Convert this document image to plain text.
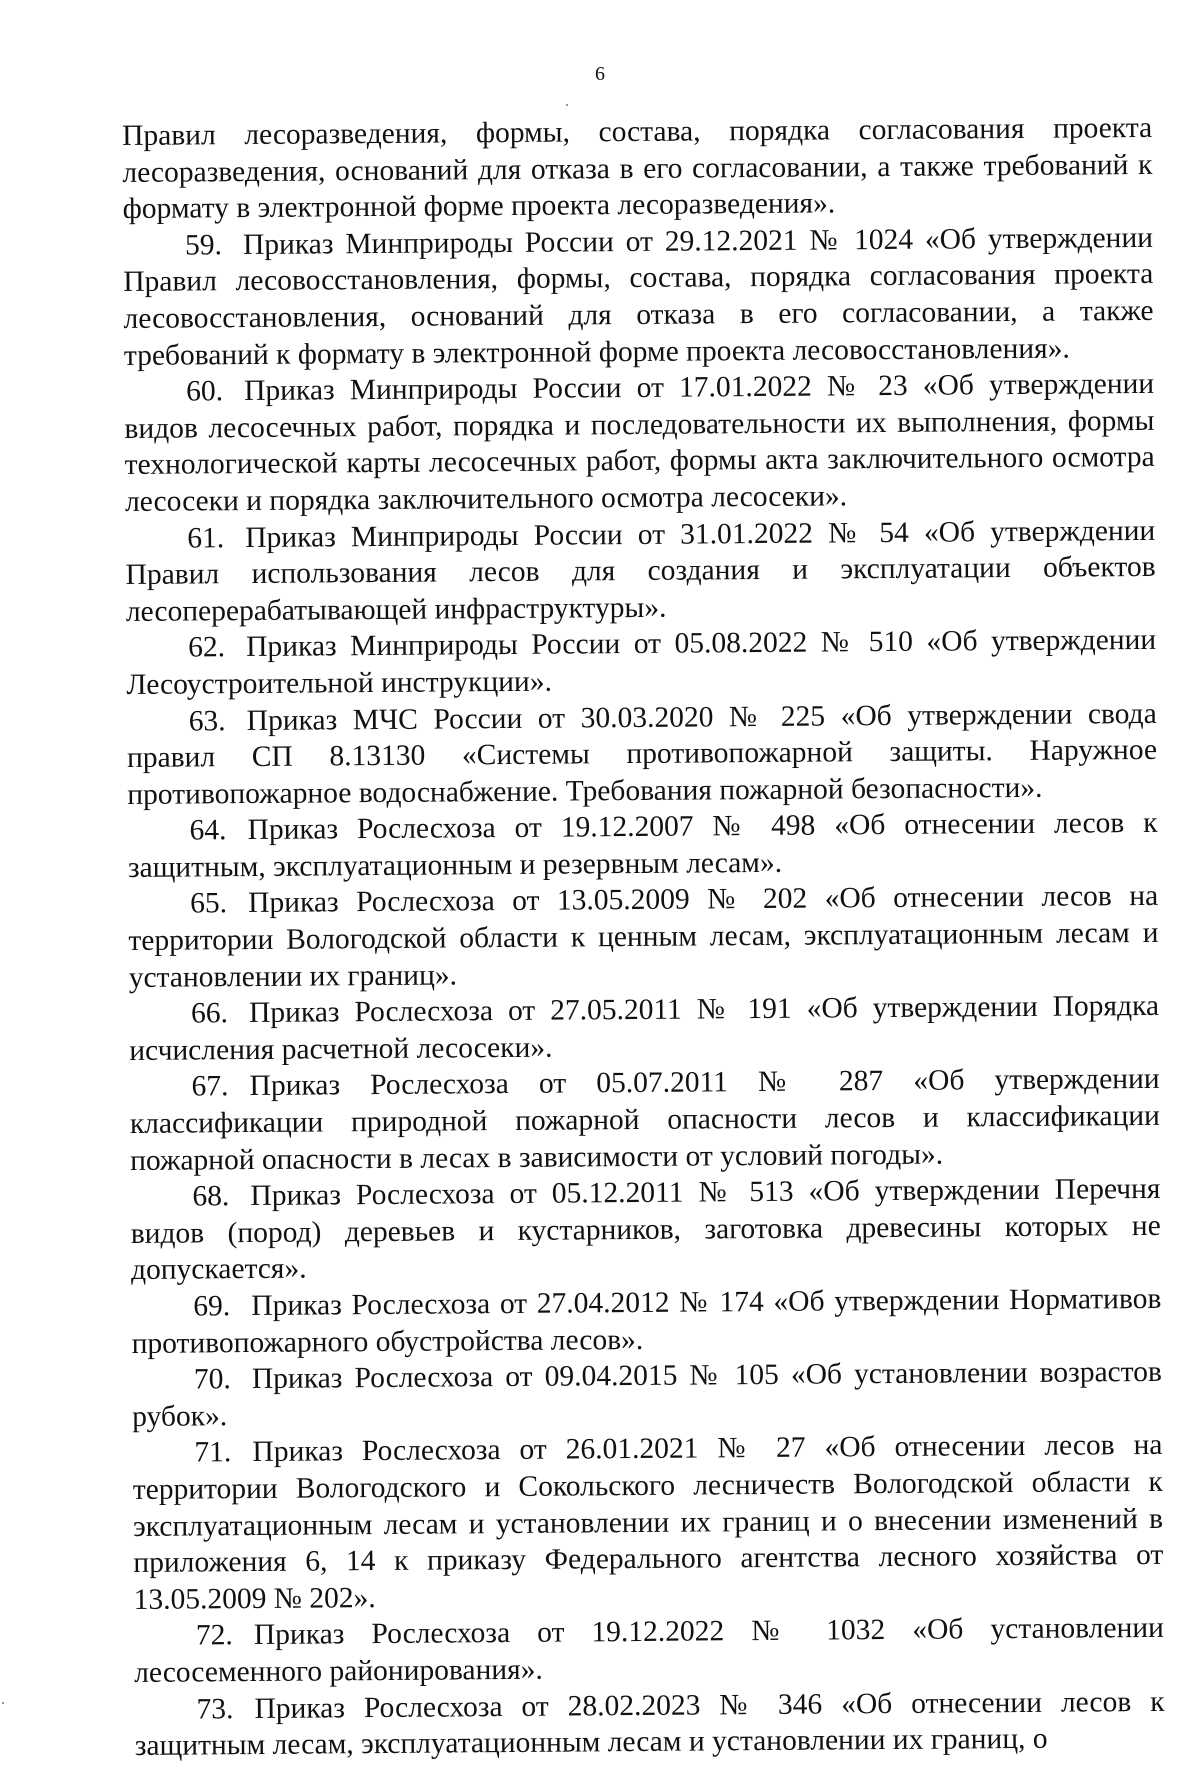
6

Правил лесоразведения, формы, состава, порядка согласования проекта лесоразведения, оснований для отказа в его согласовании, а также требований к формату в электронной форме проекта лесоразведения».

59. Приказ Минприроды России от 29.12.2021 № 1024 «Об утверждении Правил лесовосстановления, формы, состава, порядка согласования проекта лесовосстановления, оснований для отказа в его согласовании, а также требований к формату в электронной форме проекта лесовосстановления».

60. Приказ Минприроды России от 17.01.2022 № 23 «Об утверждении видов лесосечных работ, порядка и последовательности их выполнения, формы технологической карты лесосечных работ, формы акта заключительного осмотра лесосеки и порядка заключительного осмотра лесосеки».

61. Приказ Минприроды России от 31.01.2022 № 54 «Об утверждении Правил использования лесов для создания и эксплуатации объектов лесоперерабатывающей инфраструктуры».

62. Приказ Минприроды России от 05.08.2022 № 510 «Об утверждении Лесоустроительной инструкции».

63. Приказ МЧС России от 30.03.2020 № 225 «Об утверждении свода правил СП 8.13130 «Системы противопожарной защиты. Наружное противопожарное водоснабжение. Требования пожарной безопасности».

64. Приказ Рослесхоза от 19.12.2007 № 498 «Об отнесении лесов к защитным, эксплуатационным и резервным лесам».

65. Приказ Рослесхоза от 13.05.2009 № 202 «Об отнесении лесов на территории Вологодской области к ценным лесам, эксплуатационным лесам и установлении их границ».

66. Приказ Рослесхоза от 27.05.2011 № 191 «Об утверждении Порядка исчисления расчетной лесосеки».

67. Приказ Рослесхоза от 05.07.2011 № 287 «Об утверждении классификации природной пожарной опасности лесов и классификации пожарной опасности в лесах в зависимости от условий погоды».

68. Приказ Рослесхоза от 05.12.2011 № 513 «Об утверждении Перечня видов (пород) деревьев и кустарников, заготовка древесины которых не допускается».

69. Приказ Рослесхоза от 27.04.2012 № 174 «Об утверждении Нормативов противопожарного обустройства лесов».

70. Приказ Рослесхоза от 09.04.2015 № 105 «Об установлении возрастов рубок».

71. Приказ Рослесхоза от 26.01.2021 № 27 «Об отнесении лесов на территории Вологодского и Сокольского лесничеств Вологодской области к эксплуатационным лесам и установлении их границ и о внесении изменений в приложения 6, 14 к приказу Федерального агентства лесного хозяйства от 13.05.2009 № 202».

72. Приказ Рослесхоза от 19.12.2022 № 1032 «Об установлении лесосеменного районирования».

73. Приказ Рослесхоза от 28.02.2023 № 346 «Об отнесении лесов к защитным лесам, эксплуатационным лесам и установлении их границ, о
